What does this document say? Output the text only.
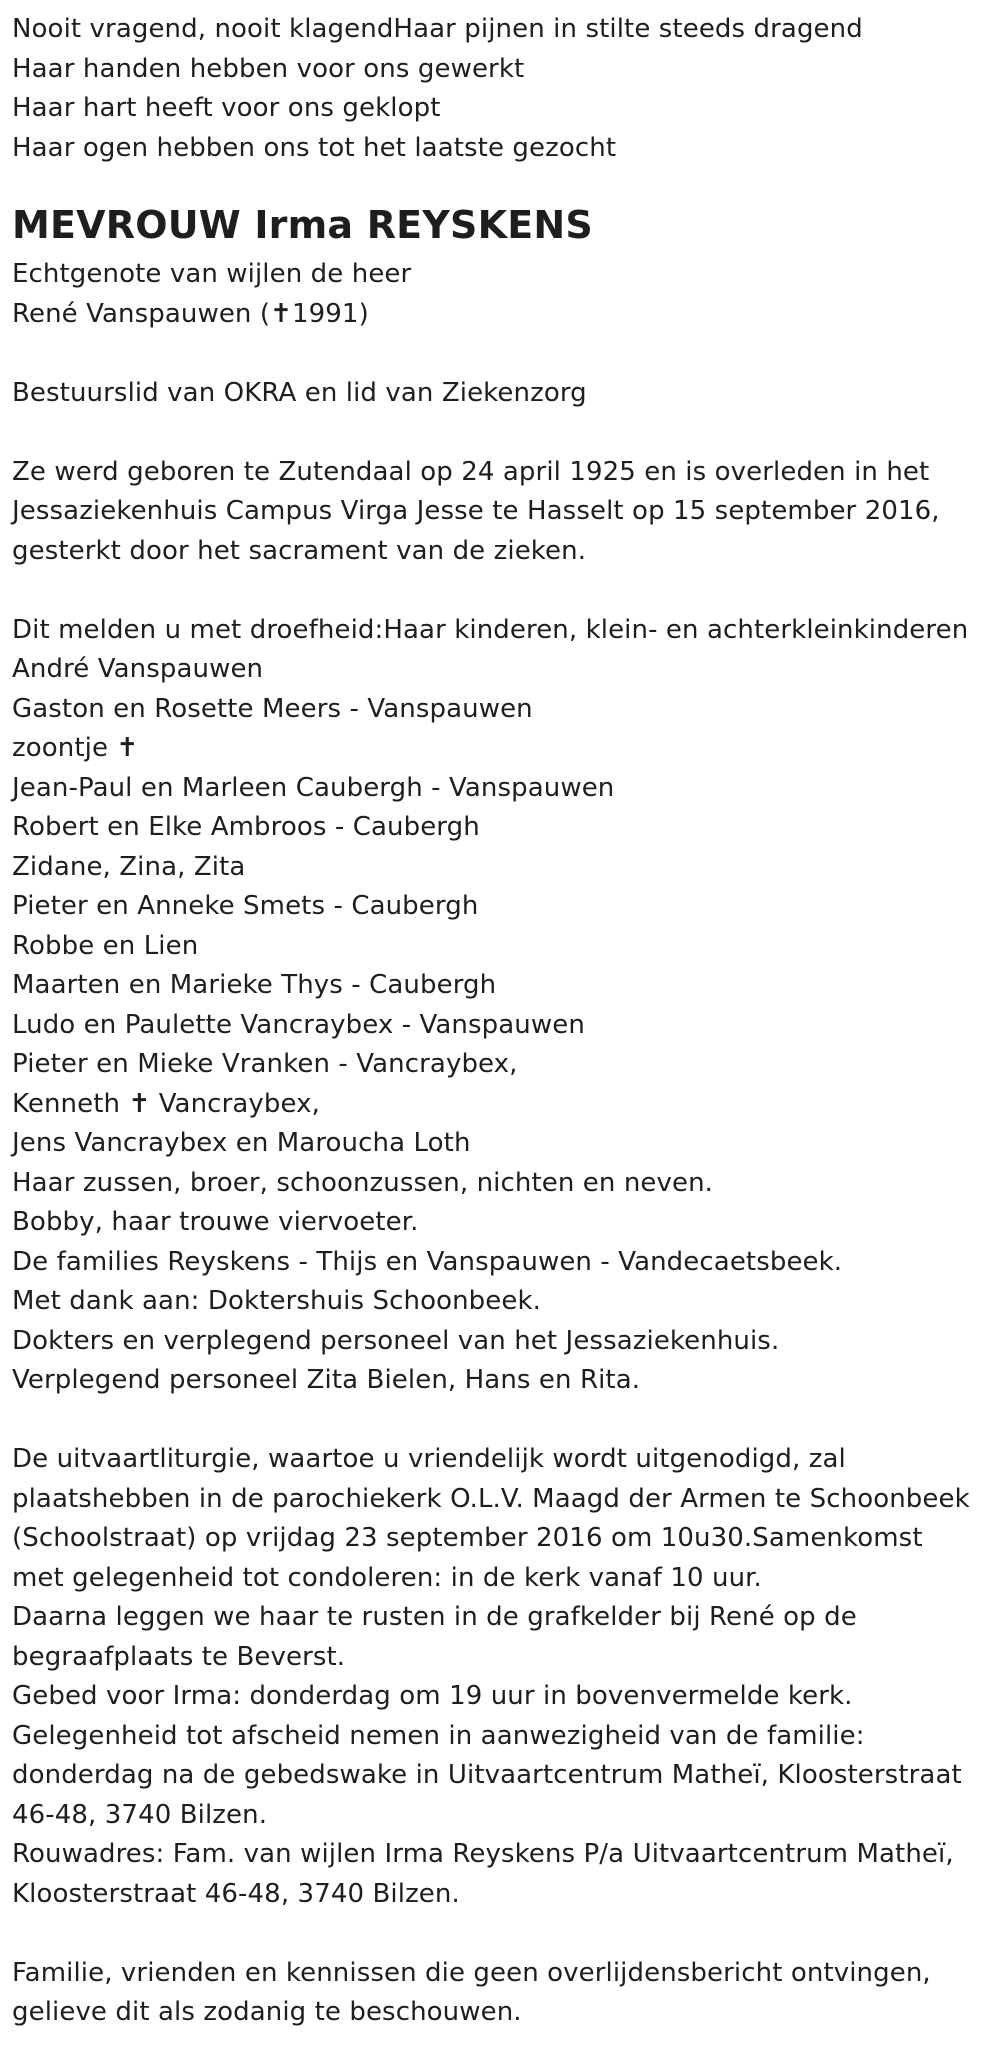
Nooit vragend, nooit klagendHaar pijnen in stilte steeds dragend
Haar handen hebben voor ons gewerkt
Haar hart heeft voor ons geklopt
Haar ogen hebben ons tot het laatste gezocht
MEVROUW Irma REYSKENS
Echtgenote van wijlen de heer
René Vanspauwen (✝1991)
Bestuurslid van OKRA en lid van Ziekenzorg
Ze werd geboren te Zutendaal op 24 april 1925 en is overleden in het
Jessaziekenhuis Campus Virga Jesse te Hasselt op 15 september 2016,
gesterkt door het sacrament van de zieken.
Dit melden u met droefheid:Haar kinderen, klein- en achterkleinkinderen
André Vanspauwen
Gaston en Rosette Meers - Vanspauwen
zoontje ✝
Jean-Paul en Marleen Caubergh - Vanspauwen
Robert en Elke Ambroos - Caubergh
Zidane, Zina, Zita
Pieter en Anneke Smets - Caubergh
Robbe en Lien
Maarten en Marieke Thys - Caubergh
Ludo en Paulette Vancraybex - Vanspauwen
Pieter en Mieke Vranken - Vancraybex,
Kenneth ✝ Vancraybex,
Jens Vancraybex en Maroucha Loth
Haar zussen, broer, schoonzussen, nichten en neven.
Bobby, haar trouwe viervoeter.
De families Reyskens - Thijs en Vanspauwen - Vandecaetsbeek.
Met dank aan: Doktershuis Schoonbeek.
Dokters en verplegend personeel van het Jessaziekenhuis.
Verplegend personeel Zita Bielen, Hans en Rita.
De uitvaartliturgie, waartoe u vriendelijk wordt uitgenodigd, zal
plaatshebben in de parochiekerk O.L.V. Maagd der Armen te Schoonbeek
(Schoolstraat) op vrijdag 23 september 2016 om 10u30.Samenkomst
met gelegenheid tot condoleren: in de kerk vanaf 10 uur.
Daarna leggen we haar te rusten in de grafkelder bij René op de
begraafplaats te Beverst.
Gebed voor Irma: donderdag om 19 uur in bovenvermelde kerk.
Gelegenheid tot afscheid nemen in aanwezigheid van de familie:
donderdag na de gebedswake in Uitvaartcentrum Matheï, Kloosterstraat
46-48, 3740 Bilzen.
Rouwadres: Fam. van wijlen Irma Reyskens P/a Uitvaartcentrum Matheï,
Kloosterstraat 46-48, 3740 Bilzen.
Familie, vrienden en kennissen die geen overlijdensbericht ontvingen,
gelieve dit als zodanig te beschouwen.
